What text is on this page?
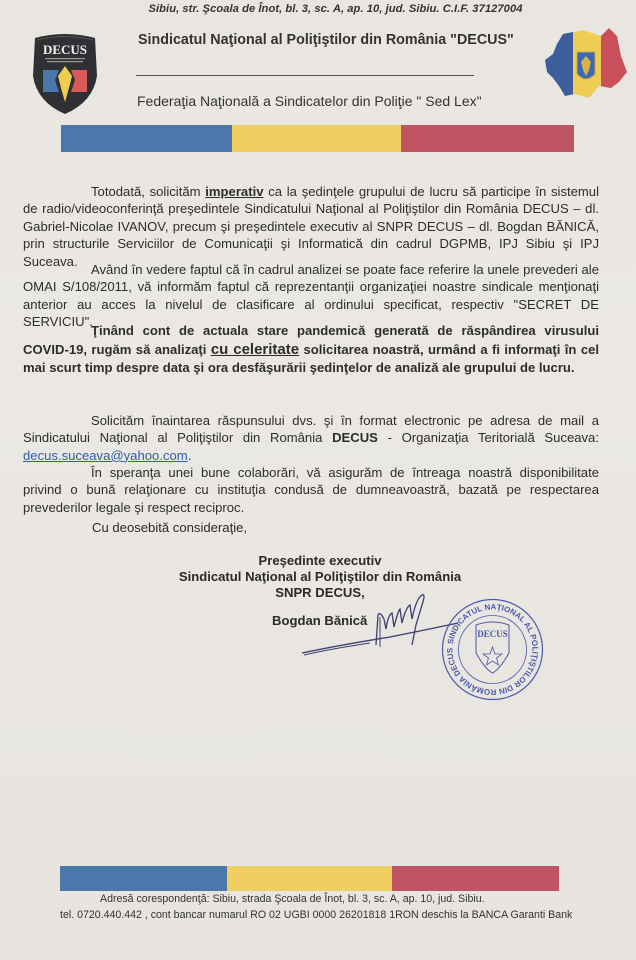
DECUS
Sibiu, str. Şcoala de Înot, bl. 3, sc. A, ap. 10, jud. Sibiu. C.I.F. 37127004
Sindicatul Naţional al Poliţiştilor din România "DECUS"
Federaţia Naţională a Sindicatelor din Poliţie " Sed Lex"
Totodată, solicităm imperativ ca la şedinţele grupului de lucru să participe în sistemul de radio/videoconferinţă preşedintele Sindicatului Naţional al Poliţiştilor din România DECUS – dl. Gabriel-Nicolae IVANOV, precum şi preşedintele executiv al SNPR DECUS – dl. Bogdan BĂNICĂ, prin structurile Serviciilor de Comunicaţii şi Informatică din cadrul DGPMB, IPJ Sibiu şi IPJ Suceava.
Având în vedere faptul că în cadrul analizei se poate face referire la unele prevederi ale OMAI S/108/2011, vă informăm faptul că reprezentanţii organizaţiei noastre sindicale menţionaţi anterior au acces la nivelul de clasificare al ordinului specificat, respectiv "SECRET DE SERVICIU".
Ţinând cont de actuala stare pandemică generată de răspândirea virusului COVID-19, rugăm să analizaţi cu celeritate solicitarea noastră, urmând a fi informaţi în cel mai scurt timp despre data şi ora desfăşurării şedinţelor de analiză ale grupului de lucru.
Solicităm înaintarea răspunsului dvs. şi în format electronic pe adresa de mail a Sindicatului Naţional al Poliţiştilor din România DECUS - Organizaţia Teritorială Suceava: decus.suceava@yahoo.com.
În speranţa unei bune colaborări, vă asigurăm de întreaga noastră disponibilitate privind o bună relaţionare cu instituţia condusă de dumneavoastră, bazată pe respectarea prevederilor legale şi respect reciproc.
Cu deosebită consideraţie,
Preşedinte executiv
Sindicatul Naţional al Poliţiştilor din România
SNPR DECUS,
Bogdan Bănică
SINDICATUL NAŢIONAL AL POLIŢIŞTILOR DIN ROMÂNIA DECUS
DECUS
Adresă corespondenţă: Sibiu, strada Şcoala de Înot, bl. 3, sc. A, ap. 10, jud. Sibiu.
tel. 0720.440.442 , cont bancar numarul RO 02 UGBI 0000 26201818 1RON deschis la BANCA Garanti Bank
